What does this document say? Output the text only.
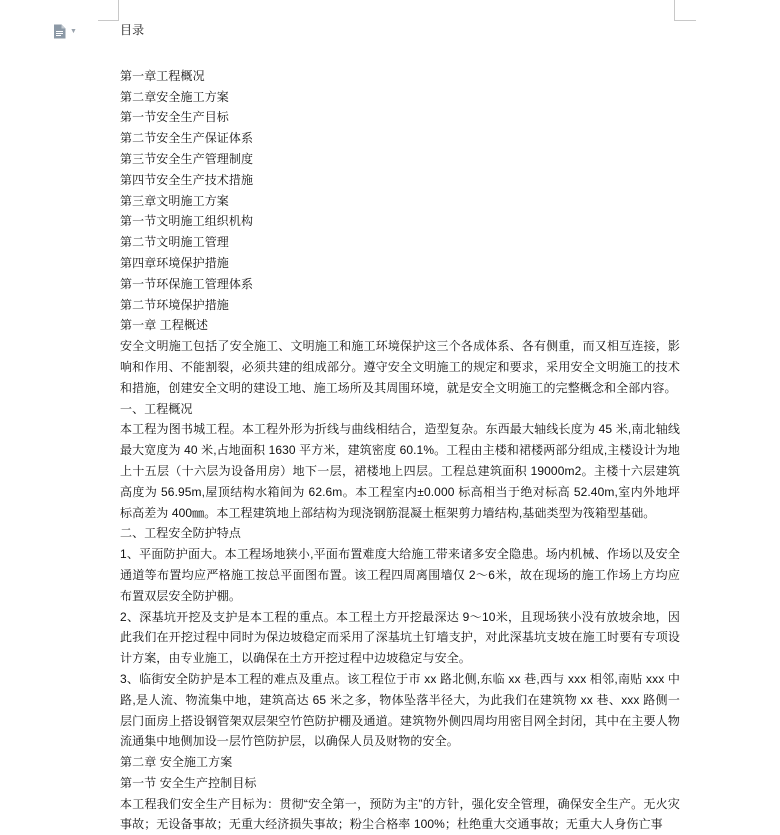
▼	目录
第一章工程概况
第二章安全施工方案
第一节安全生产目标
第二节安全生产保证体系
第三节安全生产管理制度
第四节安全生产技术措施
第三章文明施工方案
第一节文明施工组织机构
第二节文明施工管理
第四章环境保护措施
第一节环保施工管理体系
第二节环境保护措施
第一章 工程概述
安全文明施工包括了安全施工、文明施工和施工环境保护这三个各成体系、各有侧重，而又相互连接，影响和作用、不能割裂，必须共建的组成部分。遵守安全文明施工的规定和要求，采用安全文明施工的技术和措施，创建安全文明的建设工地、施工场所及其周围环境，就是安全文明施工的完整概念和全部内容。
一、工程概况
本工程为图书城工程。本工程外形为折线与曲线相结合，造型复杂。东西最大轴线长度为 45 米,南北轴线最大宽度为 40 米,占地面积 1630 平方米，建筑密度 60.1%。工程由主楼和裙楼两部分组成,主楼设计为地上十五层（十六层为设备用房）地下一层，裙楼地上四层。工程总建筑面积 19000m2。主楼十六层建筑高度为 56.95m,屋顶结构水箱间为 62.6m。本工程室内±0.000 标高相当于绝对标高 52.40m,室内外地坪标高差为 400㎜。本工程建筑地上部结构为现浇钢筋混凝土框架剪力墙结构,基础类型为筏箱型基础。
二、工程安全防护特点
1、平面防护面大。本工程场地狭小,平面布置难度大给施工带来诸多安全隐患。场内机械、作场以及安全通道等布置均应严格施工按总平面图布置。该工程四周离围墙仅 2～6米，故在现场的施工作场上方均应布置双层安全防护棚。
2、深基坑开挖及支护是本工程的重点。本工程土方开挖最深达 9～10米，且现场狭小没有放坡余地，因此我们在开挖过程中同时为保边坡稳定而采用了深基坑土钉墙支护，对此深基坑支坡在施工时要有专项设计方案，由专业施工，以确保在土方开挖过程中边坡稳定与安全。
3、临街安全防护是本工程的难点及重点。该工程位于市 xx 路北侧,东临 xx 巷,西与 xxx 相邻,南贴 xxx 中路,是人流、物流集中地，建筑高达 65 米之多，物体坠落半径大，为此我们在建筑物 xx 巷、xxx 路侧一层门面房上搭设钢管架双层架空竹笆防护棚及通道。建筑物外侧四周均用密目网全封闭，其中在主要人物流通集中地侧加设一层竹笆防护层，以确保人员及财物的安全。
第二章 安全施工方案
第一节 安全生产控制目标
本工程我们安全生产目标为：贯彻“安全第一，预防为主”的方针，强化安全管理，确保安全生产。无火灾事故；无设备事故；无重大经济损失事故；粉尘合格率 100%；杜绝重大交通事故；无重大人身伤亡事
